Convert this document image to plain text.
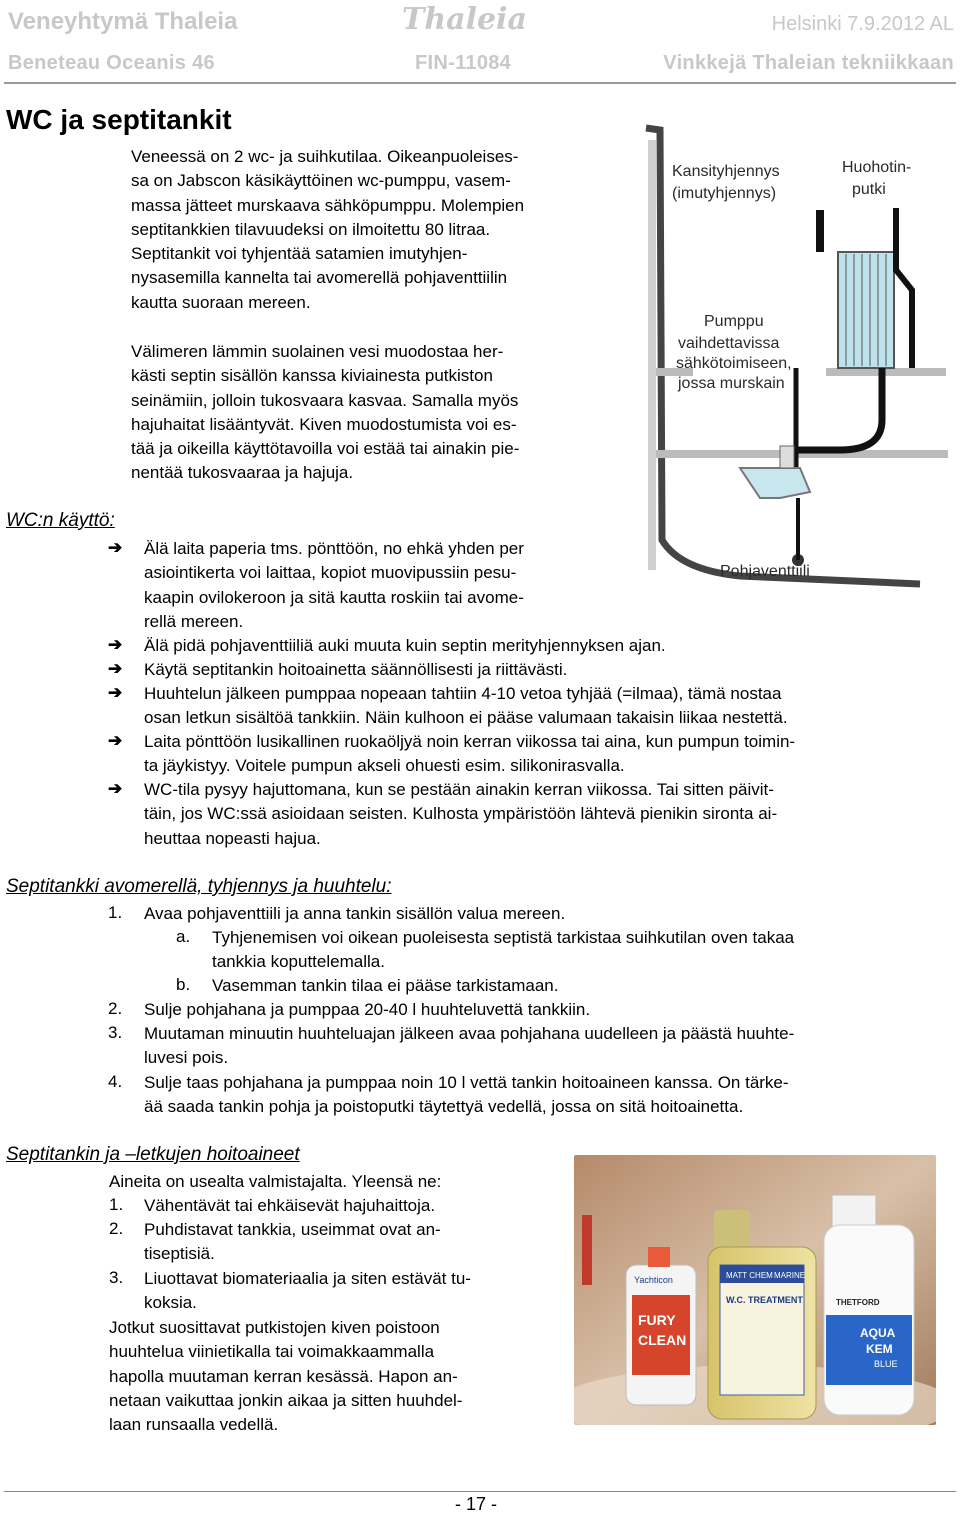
Veneyhtymä Thaleia	Thaleia	Helsinki 7.9.2012 AL
Beneteau Oceanis 46	FIN-11084	Vinkkejä Thaleian tekniikkaan
WC ja septitankit
Veneessä on 2 wc- ja suihkutilaa. Oikeanpuoleises-
sa on Jabscon käsikäyttöinen wc-pumppu, vasem-
massa jätteet murskaava sähköpumppu. Molempien
septitankkien tilavuudeksi on ilmoitettu 80 litraa.
Septitankit voi tyhjentää satamien imutyhjen-
nysasemilla kannelta tai avomerellä pohjaventtiilin
kautta suoraan mereen.
Välimeren lämmin suolainen vesi muodostaa her-
kästi septin sisällön kanssa kiviainesta putkiston
seinämiin, jolloin tukosvaara kasvaa. Samalla myös
hajuhaitat lisääntyvät. Kiven muodostumista voi es-
tää ja oikeilla käyttötavoilla voi estää tai ainakin pie-
nentää tukosvaaraa ja hajuja.
Kansityhjennys (imutyhjennys)
Huohotin-putki
Pumppu vaihdettavissa sähkötoimiseen, jossa murskain
Pohjaventtiili
WC:n käyttö:
➔ Älä laita paperia tms. pönttöön, no ehkä yhden per
asiointikerta voi laittaa, kopiot muovipussiin pesu-
kaapin ovilokeroon ja sitä kautta roskiin tai avome-
rellä mereen.
➔ Älä pidä pohjaventtiiliä auki muuta kuin septin merityhjennyksen ajan.
➔ Käytä septitankin hoitoainetta säännöllisesti ja riittävästi.
➔ Huuhtelun jälkeen pumppaa nopeaan tahtiin 4-10 vetoa tyhjää (=ilmaa), tämä nostaa
osan letkun sisältöä tankkiin. Näin kulhoon ei pääse valumaan takaisin liikaa nestettä.
➔ Laita pönttöön lusikallinen ruokaöljyä noin kerran viikossa tai aina, kun pumpun toimin-
ta jäykistyy. Voitele pumpun akseli ohuesti esim. silikonirasvalla.
➔ WC-tila pysyy hajuttomana, kun se pestään ainakin kerran viikossa. Tai sitten päivit-
täin, jos WC:ssä asioidaan seisten. Kulhosta ympäristöön lähtevä pienikin sironta ai-
heuttaa nopeasti hajua.
Septitankki avomerellä, tyhjennys ja huuhtelu:
1. Avaa pohjaventtiili ja anna tankin sisällön valua mereen.
a. Tyhjenemisen voi oikean puoleisesta septistä tarkistaa suihkutilan oven takaa
tankkia koputtelemalla.
b. Vasemman tankin tilaa ei pääse tarkistamaan.
2. Sulje pohjahana ja pumppaa 20-40 l huuhteluvettä tankkiin.
3. Muutaman minuutin huuhteluajan jälkeen avaa pohjahana uudelleen ja päästä huuhte-
luvesi pois.
4. Sulje taas pohjahana ja pumppaa noin 10 l vettä tankin hoitoaineen kanssa. On tärke-
ää saada tankin pohja ja poistoputki täytettyä vedellä, jossa on sitä hoitoainetta.
Septitankin ja –letkujen hoitoaineet
Aineita on usealta valmistajalta. Yleensä ne:
1. Vähentävät tai ehkäisevät hajuhaittoja.
2. Puhdistavat tankkia, useimmat ovat an-
tiseptisiä.
3. Liuottavat biomateriaalia ja siten estävät tu-
koksia.
Jotkut suosittavat putkistojen kiven poistoon
huuhtelua viinietikalla tai voimakkaammalla
hapolla muutaman kerran kesässä. Hapon an-
netaan vaikuttaa jonkin aikaa ja sitten huuhdel-
laan runsaalla vedellä.
Yachticon
FURY
CLEAN
MATT CHEM MARINE
W.C. TREATMENT	THETFORD
AQUA
KEM
BLUE
- 17 -
